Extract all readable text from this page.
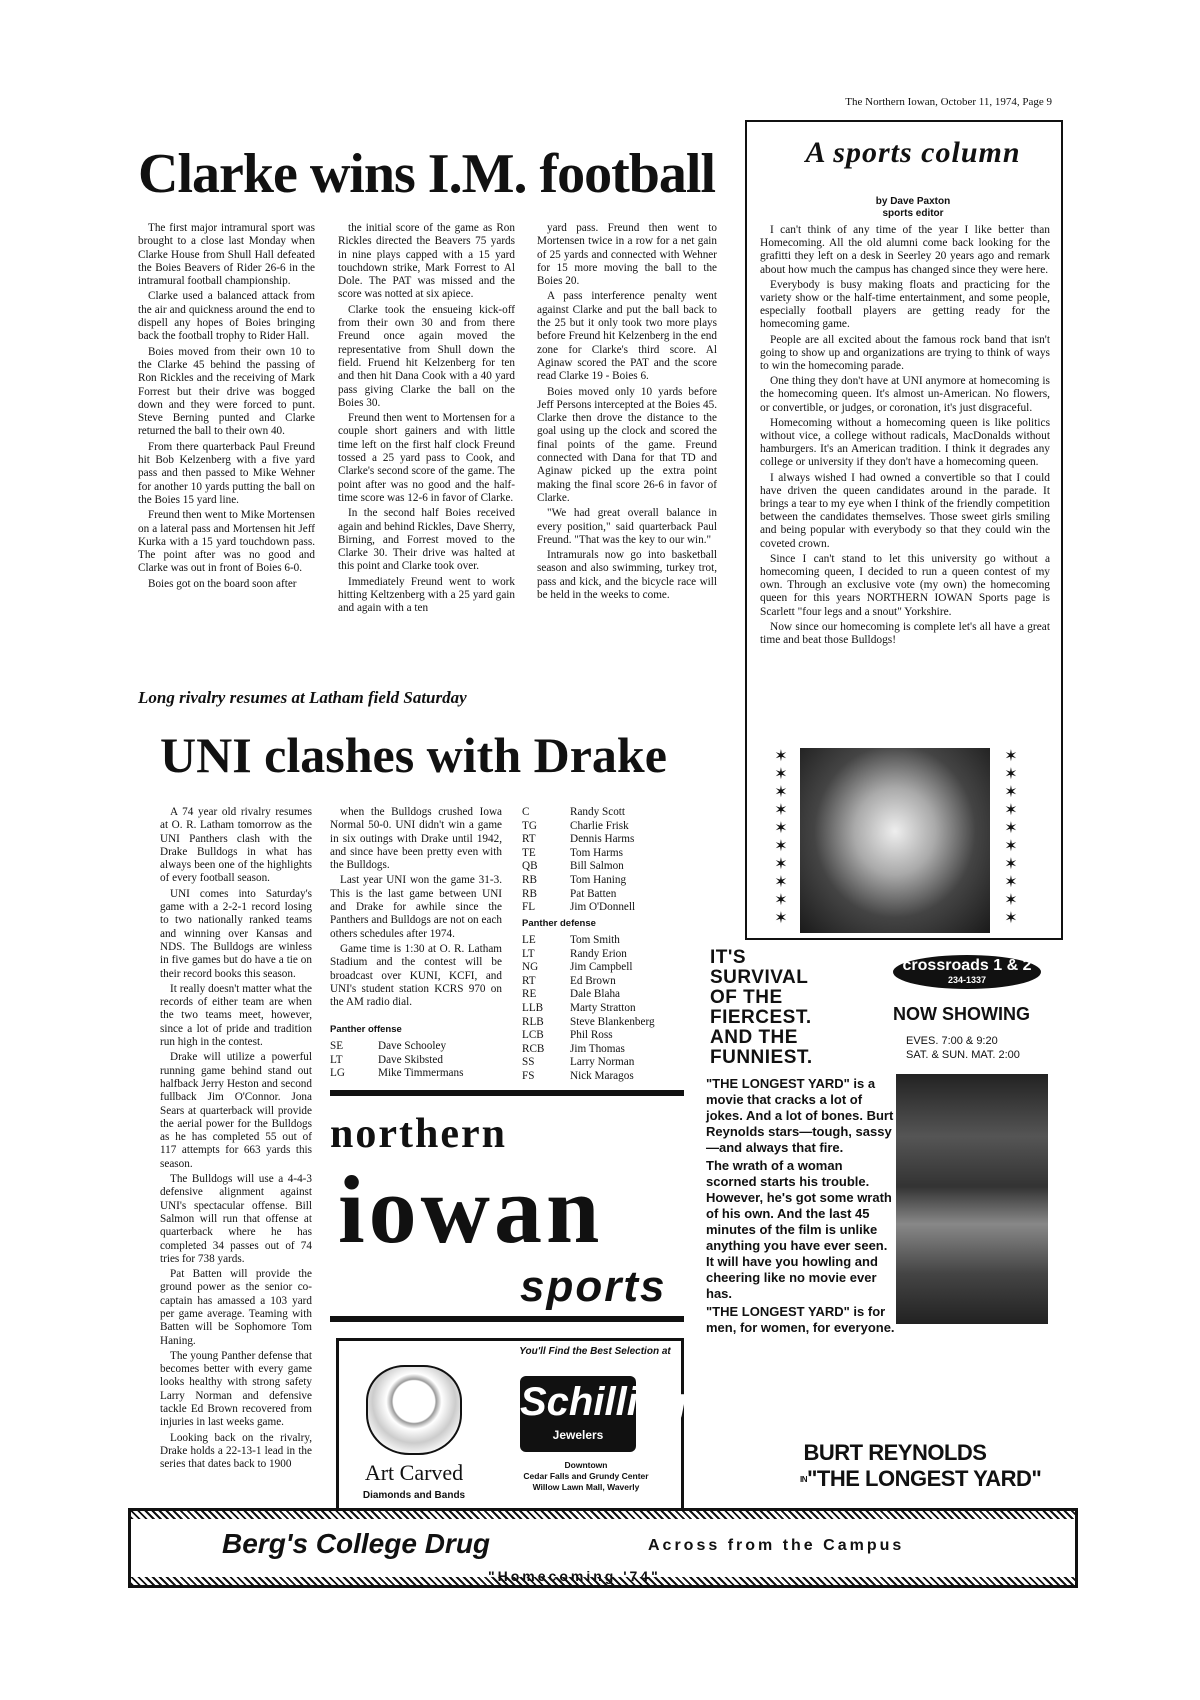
The Northern Iowan, October 11, 1974, Page 9
Clarke wins I.M. football

The first major intramural sport was brought to a close last Monday when Clarke House from Shull Hall defeated the Boies Beavers of Rider 26-6 in the intramural football championship.

Clarke used a balanced attack from the air and quickness around the end to dispell any hopes of Boies bringing back the football trophy to Rider Hall.

Boies moved from their own 10 to the Clarke 45 behind the passing of Ron Rickles and the receiving of Mark Forrest but their drive was bogged down and they were forced to punt. Steve Berning punted and Clarke returned the ball to their own 40.

From there quarterback Paul Freund hit Bob Kelzenberg with a five yard pass and then passed to Mike Wehner for another 10 yards putting the ball on the Boies 15 yard line.

Freund then went to Mike Mortensen on a lateral pass and Mortensen hit Jeff Kurka with a 15 yard touchdown pass. The point after was no good and Clarke was out in front of Boies 6-0.

Boies got on the board soon after

the initial score of the game as Ron Rickles directed the Beavers 75 yards in nine plays capped with a 15 yard touchdown strike, Mark Forrest to Al Dole. The PAT was missed and the score was notted at six apiece.

Clarke took the ensueing kick-off from their own 30 and from there Freund once again moved the representative from Shull down the field. Fruend hit Kelzenberg for ten and then hit Dana Cook with a 40 yard pass giving Clarke the ball on the Boies 30.

Freund then went to Mortensen for a couple short gainers and with little time left on the first half clock Freund tossed a 25 yard pass to Cook, and Clarke's second score of the game. The point after was no good and the half-time score was 12-6 in favor of Clarke.

In the second half Boies received again and behind Rickles, Dave Sherry, Birning, and Forrest moved to the Clarke 30. Their drive was halted at this point and Clarke took over.

Immediately Freund went to work hitting Keltzenberg with a 25 yard gain and again with a ten

yard pass. Freund then went to Mortensen twice in a row for a net gain of 25 yards and connected with Wehner for 15 more moving the ball to the Boies 20.

A pass interference penalty went against Clarke and put the ball back to the 25 but it only took two more plays before Freund hit Kelzenberg in the end zone for Clarke's third score. Al Aginaw scored the PAT and the score read Clarke 19 - Boies 6.

Boies moved only 10 yards before Jeff Persons intercepted at the Boies 45. Clarke then drove the distance to the goal using up the clock and scored the final points of the game. Freund connected with Dana for that TD and Aginaw picked up the extra point making the final score 26-6 in favor of Clarke.

"We had great overall balance in every position," said quarterback Paul Freund. "That was the key to our win."

Intramurals now go into basketball season and also swimming, turkey trot, pass and kick, and the bicycle race will be held in the weeks to come.

A sports column
by Dave Paxton
sports editor

I can't think of any time of the year I like better than Homecoming. All the old alumni come back looking for the grafitti they left on a desk in Seerley 20 years ago and remark about how much the campus has changed since they were here.

Everybody is busy making floats and practicing for the variety show or the half-time entertainment, and some people, especially football players are getting ready for the homecoming game.

People are all excited about the famous rock band that isn't going to show up and organizations are trying to think of ways to win the homecoming parade.

One thing they don't have at UNI anymore at homecoming is the homecoming queen. It's almost un-American. No flowers, or convertible, or judges, or coronation, it's just disgraceful.

Homecoming without a homecoming queen is like politics without vice, a college without radicals, MacDonalds without hamburgers. It's an American tradition. I think it degrades any college or university if they don't have a homecoming queen.

I always wished I had owned a convertible so that I could have driven the queen candidates around in the parade. It brings a tear to my eye when I think of the friendly competition between the candidates themselves. Those sweet girls smiling and being popular with everybody so that they could win the coveted crown.

Since I can't stand to let this university go without a homecoming queen, I decided to run a queen contest of my own. Through an exclusive vote (my own) the homecoming queen for this years NORTHERN IOWAN Sports page is Scarlett "four legs and a snout" Yorkshire.

Now since our homecoming is complete let's all have a great time and beat those Bulldogs!

✶
✶
✶
✶
✶
✶
✶
✶
✶
✶
✶
✶
✶
✶
✶
✶
✶
✶
✶
✶
Long rivalry resumes at Latham field Saturday
UNI clashes with Drake

A 74 year old rivalry resumes at O. R. Latham tomorrow as the UNI Panthers clash with the Drake Bulldogs in what has always been one of the highlights of every football season.

UNI comes into Saturday's game with a 2-2-1 record losing to two nationally ranked teams and winning over Kansas and NDS. The Bulldogs are winless in five games but do have a tie on their record books this season.

It really doesn't matter what the records of either team are when the two teams meet, however, since a lot of pride and tradition run high in the contest.

Drake will utilize a powerful running game behind stand out halfback Jerry Heston and second fullback Jim O'Connor. Jona Sears at quarterback will provide the aerial power for the Bulldogs as he has completed 55 out of 117 attempts for 663 yards this season.

The Bulldogs will use a 4-4-3 defensive alignment against UNI's spectacular offense. Bill Salmon will run that offense at quarterback where he has completed 34 passes out of 74 tries for 738 yards.

Pat Batten will provide the ground power as the senior co-captain has amassed a 103 yard per game average. Teaming with Batten will be Sophomore Tom Haning.

The young Panther defense that becomes better with every game looks healthy with strong safety Larry Norman and defensive tackle Ed Brown recovered from injuries in last weeks game.

Looking back on the rivalry, Drake holds a 22-13-1 lead in the series that dates back to 1900

when the Bulldogs crushed Iowa Normal 50-0. UNI didn't win a game in six outings with Drake until 1942, and since have been pretty even with the Bulldogs.

Last year UNI won the game 31-3. This is the last game between UNI and Drake for awhile since the Panthers and Bulldogs are not on each others schedules after 1974.

Game time is 1:30 at O. R. Latham Stadium and the contest will be broadcast over KUNI, KCFI, and UNI's student station KCRS 970 on the AM radio dial.

Panther offense
SE	Dave Schooley
LT	Dave Skibsted
LG	Mike Timmermans
C	Randy Scott
TG	Charlie Frisk
RT	Dennis Harms
TE	Tom Harms
QB	Bill Salmon
RB	Tom Haning
RB	Pat Batten
FL	Jim O'Donnell
Panther defense
LE	Tom Smith
LT	Randy Erion
NG	Jim Campbell
RT	Ed Brown
RE	Dale Blaha
LLB	Marty Stratton
RLB	Steve Blankenberg
LCB	Phil Ross
RCB	Jim Thomas
SS	Larry Norman
FS	Nick Maragos
northern
iowan
sports
Art Carved
Diamonds and Bands
You'll Find the Best Selection at
Schilling
Jewelers
Downtown
Cedar Falls and Grundy Center
Willow Lawn Mall, Waverly
IT'S
SURVIVAL
OF THE
FIERCEST.
AND THE
FUNNIEST.
crossroads 1 & 2
234-1337
NOW SHOWING
EVES. 7:00 & 9:20
SAT. & SUN. MAT. 2:00
"THE LONGEST YARD" is a movie that cracks a lot of jokes. And a lot of bones. Burt Reynolds stars—tough, sassy—and always that fire.
The wrath of a woman scorned starts his trouble. However, he's got some wrath of his own. And the last 45 minutes of the film is unlike anything you have ever seen. It will have you howling and cheering like no movie ever has.
"THE LONGEST YARD" is for men, for women, for everyone.
BURT REYNOLDS
IN"THE LONGEST YARD"
Berg's College Drug	Across from the Campus
"Homecoming '74"
